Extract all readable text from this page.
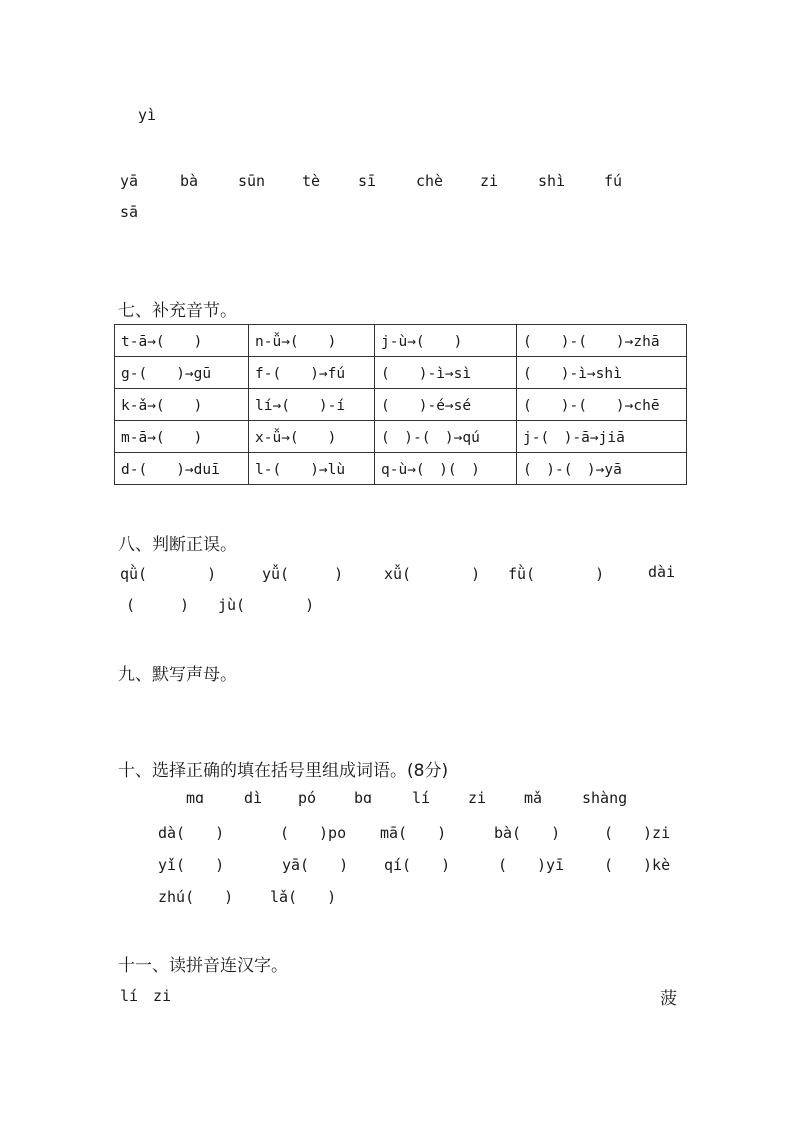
yì
yā	bà	sūn tè	sī	chè zi	shì	fú
sā
七、补充音节。
t-ā→(　　)	n-ǚ→(　　)	j-ù→(　　)	(　　)-(　　)→zhā
g-(　　)→gū	f-(　　)→fú	(　　)-ì→sì	(　　)-ì→shì
k-ǎ→(　　)	lí→(　　)-í	(　　)-é→sé	(　　)-(　　)→chē
m-ā→(　　)	x-ǚ→(　　)	(　)-(　)→qú	j-(　)-ā→jiā
d-(　　)→duī	l-(　　)→lù	q-ù→(　)(　)	(　)-(　)→yā
八、判断正误。
qǜ(　　　　)	yǚ(　　　)	xǚ(　　　　) fǜ(　　　　)	dài
(　　　) jù(　　　　)
九、默写声母。
十、选择正确的填在括号里组成词语。(8分)
mɑ	dì pó	bɑ	lí	zi	mǎ	shàng
dà(　　)	(　　)po mā(　　)	bà(　　)	(　　)zi
yǐ(　　)	yā(　　) qí(　　)	(　　)yī	(　　)kè
zhú(　　) lǎ(　　)
十一、读拼音连汉字。
lí　zi	菠
